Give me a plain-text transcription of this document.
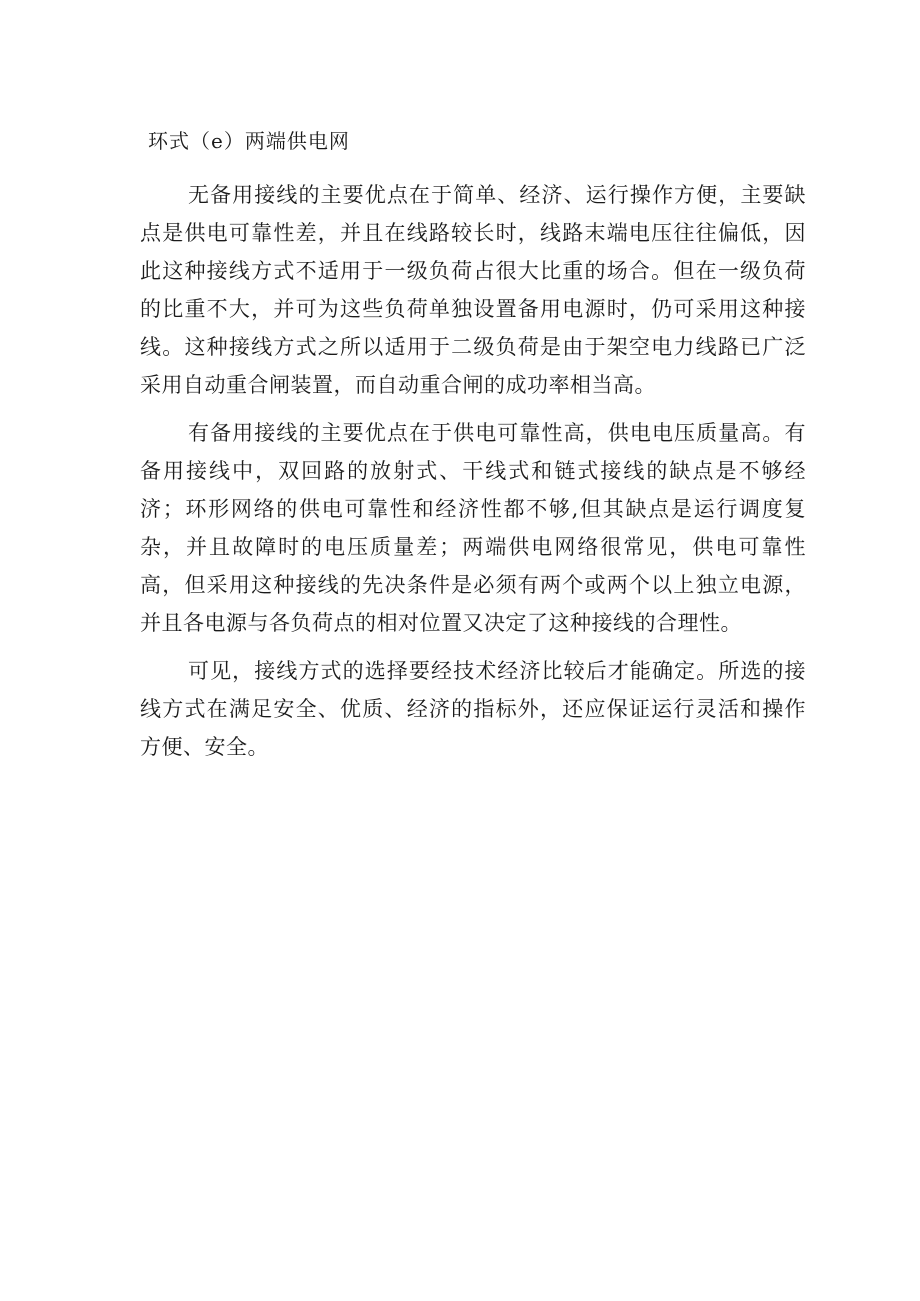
环式（e）两端供电网

无备用接线的主要优点在于简单、经济、运行操作方便，主要缺点是供电可靠性差，并且在线路较长时，线路末端电压往往偏低，因此这种接线方式不适用于一级负荷占很大比重的场合。但在一级负荷的比重不大，并可为这些负荷单独设置备用电源时，仍可采用这种接线。这种接线方式之所以适用于二级负荷是由于架空电力线路已广泛采用自动重合闸装置，而自动重合闸的成功率相当高。

有备用接线的主要优点在于供电可靠性高，供电电压质量高。有备用接线中，双回路的放射式、干线式和链式接线的缺点是不够经济；环形网络的供电可靠性和经济性都不够,但其缺点是运行调度复杂，并且故障时的电压质量差；两端供电网络很常见，供电可靠性高，但采用这种接线的先决条件是必须有两个或两个以上独立电源，并且各电源与各负荷点的相对位置又决定了这种接线的合理性。

可见，接线方式的选择要经技术经济比较后才能确定。所选的接线方式在满足安全、优质、经济的指标外，还应保证运行灵活和操作方便、安全。
